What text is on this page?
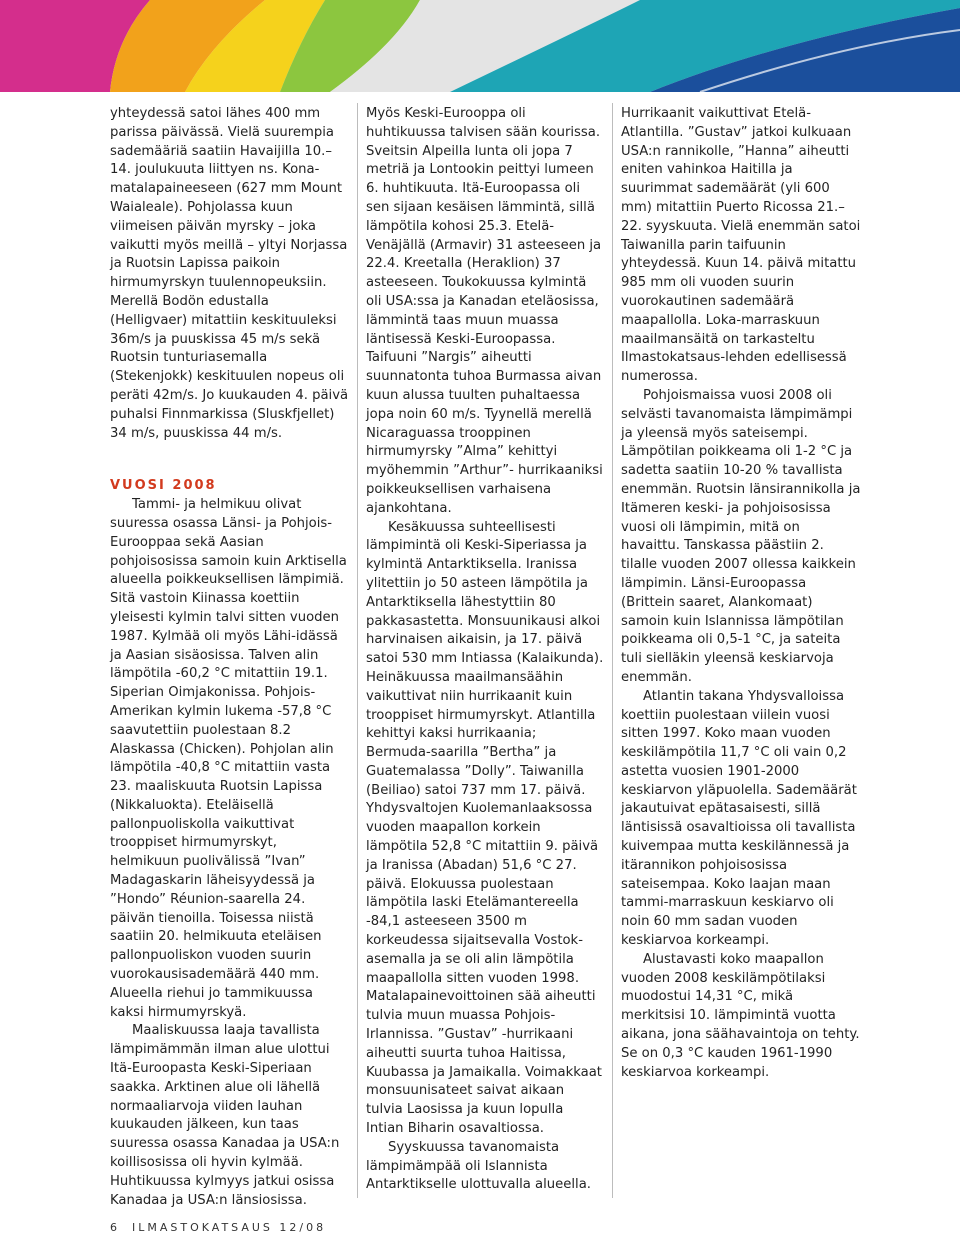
yhteydessä satoi lähes 400 mm parissa päivässä. Vielä suurempia sademääriä saatiin Havaijilla 10.–14. joulukuuta liittyen ns. Kona-matalapaineeseen (627 mm Mount Waialeale). Pohjolassa kuun viimeisen päivän myrsky – joka vaikutti myös meillä – yltyi Norjassa ja Ruotsin Lapissa paikoin hirmumyrskyn tuulennopeuksiin. Merellä Bodön edustalla (Helligvaer) mitattiin keskituuleksi 36m/s ja puuskissa 45 m/s sekä Ruotsin tunturiasemalla (Stekenjokk) keskituulen nopeus oli peräti 42m/s. Jo kuukauden 4. päivä puhalsi Finnmarkissa (Sluskfjellet) 34 m/s, puuskissa 44 m/s.

VUOSI 2008

Tammi- ja helmikuu olivat suuressa osassa Länsi- ja Pohjois-Eurooppaa sekä Aasian pohjoisosissa samoin kuin Arktisella alueella poikkeuksellisen lämpimiä. Sitä vastoin Kiinassa koettiin yleisesti kylmin talvi sitten vuoden 1987. Kylmää oli myös Lähi-idässä ja Aasian sisäosissa. Talven alin lämpötila -60,2 °C mitattiin 19.1. Siperian Oimjakonissa. Pohjois-Amerikan kylmin lukema -57,8 °C saavutettiin puolestaan 8.2 Alaskassa (Chicken). Pohjolan alin lämpötila -40,8 °C mitattiin vasta 23. maaliskuuta Ruotsin Lapissa (Nikkaluokta). Eteläisellä pallonpuoliskolla vaikuttivat trooppiset hirmumyrskyt, helmikuun puolivälissä ”Ivan” Madagaskarin läheisyydessä ja ”Hondo” Réunion-saarella 24. päivän tienoilla. Toisessa niistä saatiin 20. helmikuuta eteläisen pallonpuoliskon vuoden suurin vuorokausisademäärä 440 mm. Alueella riehui jo tammikuussa kaksi hirmumyrskyä.

Maaliskuussa laaja tavallista lämpimämmän ilman alue ulottui Itä-Euroopasta Keski-Siperiaan saakka. Arktinen alue oli lähellä normaaliarvoja viiden lauhan kuukauden jälkeen, kun taas suuressa osassa Kanadaa ja USA:n koillisosissa oli hyvin kylmää. Huhtikuussa kylmyys jatkui osissa Kanadaa ja USA:n länsiosissa.

Myös Keski-Eurooppa oli huhtikuussa talvisen sään kourissa. Sveitsin Alpeilla lunta oli jopa 7 metriä ja Lontookin peittyi lumeen 6. huhtikuuta. Itä-Euroopassa oli sen sijaan kesäisen lämmintä, sillä lämpötila kohosi 25.3. Etelä-Venäjällä (Armavir) 31 asteeseen ja 22.4. Kreetalla (Heraklion) 37 asteeseen. Toukokuussa kylmintä oli USA:ssa ja Kanadan eteläosissa, lämmintä taas muun muassa läntisessä Keski-Euroopassa. Taifuuni ”Nargis” aiheutti suunnatonta tuhoa Burmassa aivan kuun alussa tuulten puhaltaessa jopa noin 60 m/s. Tyynellä merellä Nicaraguassa trooppinen hirmumyrsky ”Alma” kehittyi myöhemmin ”Arthur”- hurrikaaniksi poikkeuksellisen varhaisena ajankohtana.

Kesäkuussa suhteellisesti lämpimintä oli Keski-Siperiassa ja kylmintä Antarktiksella. Iranissa ylitettiin jo 50 asteen lämpötila ja Antarktiksella lähestyttiin 80 pakkasastetta. Monsuunikausi alkoi harvinaisen aikaisin, ja 17. päivä satoi 530 mm Intiassa (Kalaikunda). Heinäkuussa maailmansäähin vaikuttivat niin hurrikaanit kuin trooppiset hirmumyrskyt. Atlantilla kehittyi kaksi hurrikaania; Bermuda-saarilla ”Bertha” ja Guatemalassa ”Dolly”. Taiwanilla (Beiliao) satoi 737 mm 17. päivä. Yhdysvaltojen Kuolemanlaaksossa vuoden maapallon korkein lämpötila 52,8 °C mitattiin 9. päivä ja Iranissa (Abadan) 51,6 °C 27. päivä. Elokuussa puolestaan lämpötila laski Etelämantereella -84,1 asteeseen 3500 m korkeudessa sijaitsevalla Vostok-asemalla ja se oli alin lämpötila maapallolla sitten vuoden 1998. Matalapainevoittoinen sää aiheutti tulvia muun muassa Pohjois-Irlannissa. ”Gustav” -hurrikaani aiheutti suurta tuhoa Haitissa, Kuubassa ja Jamaikalla. Voimakkaat monsuunisateet saivat aikaan tulvia Laosissa ja kuun lopulla Intian Biharin osavaltiossa.

Syyskuussa tavanomaista lämpimämpää oli Islannista Antarktikselle ulottuvalla alueella.

Hurrikaanit vaikuttivat Etelä-Atlantilla. ”Gustav” jatkoi kulkuaan USA:n rannikolle, ”Hanna” aiheutti eniten vahinkoa Haitilla ja suurimmat sademäärät (yli 600 mm) mitattiin Puerto Ricossa 21.–22. syyskuuta. Vielä enemmän satoi Taiwanilla parin taifuunin yhteydessä. Kuun 14. päivä mitattu 985 mm oli vuoden suurin vuorokautinen sademäärä maapallolla. Loka-marraskuun maailmansäitä on tarkasteltu Ilmastokatsaus-lehden edellisessä numerossa.

Pohjoismaissa vuosi 2008 oli selvästi tavanomaista lämpimämpi ja yleensä myös sateisempi. Lämpötilan poikkeama oli 1-2 °C ja sadetta saatiin 10-20 % tavallista enemmän. Ruotsin länsirannikolla ja Itämeren keski- ja pohjoisosissa vuosi oli lämpimin, mitä on havaittu. Tanskassa päästiin 2. tilalle vuoden 2007 ollessa kaikkein lämpimin. Länsi-Euroopassa (Brittein saaret, Alankomaat) samoin kuin Islannissa lämpötilan poikkeama oli 0,5-1 °C, ja sateita tuli sielläkin yleensä keskiarvoja enemmän.

Atlantin takana Yhdysvalloissa koettiin puolestaan viilein vuosi sitten 1997. Koko maan vuoden keskilämpötila 11,7 °C oli vain 0,2 astetta vuosien 1901-2000 keskiarvon yläpuolella. Sademäärät jakautuivat epätasaisesti, sillä läntisissä osavaltioissa oli tavallista kuivempaa mutta keskilännessä ja itärannikon pohjoisosissa sateisempaa. Koko laajan maan tammi-marraskuun keskiarvo oli noin 60 mm sadan vuoden keskiarvoa korkeampi.

Alustavasti koko maapallon vuoden 2008 keskilämpötilaksi muodostui 14,31 °C, mikä merkitsisi 10. lämpimintä vuotta aikana, jona säähavaintoja on tehty. Se on 0,3 °C kauden 1961-1990 keskiarvoa korkeampi.

6 ILMASTOKATSAUS 12/08
